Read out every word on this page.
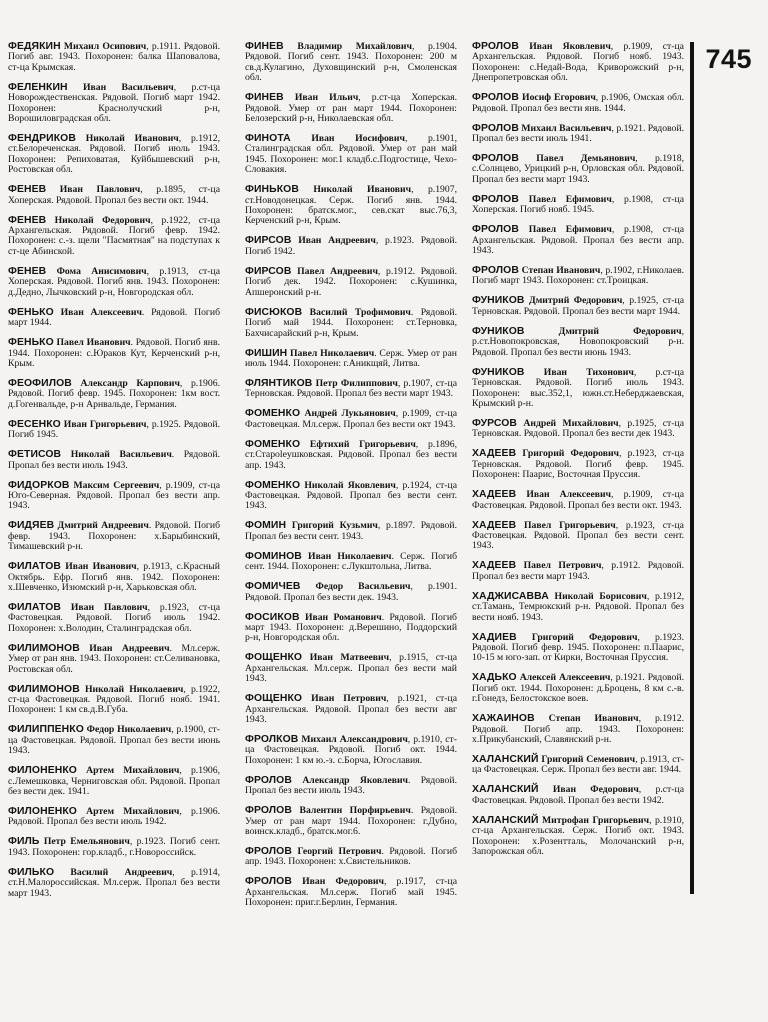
745

ФЕДЯКИН Михаил Осипович, р.1911. Рядовой. Погиб авг. 1943. Похоронен: балка Шаповалова, ст-ца Крымская.

ФЕЛЕНКИН Иван Васильевич, р.ст-ца Новорождественская. Рядовой. Погиб март 1942. Похоронен: Краснолучский р-н, Ворошиловградская обл.

ФЕНДРИКОВ Николай Иванович, р.1912, ст.Белореченская. Рядовой. Погиб июль 1943. Похоронен: Репиховатая, Куйбышевский р-н, Ростовская обл.

ФЕНЕВ Иван Павлович, р.1895, ст-ца Хоперская. Рядовой. Пропал без вести окт. 1944.

ФЕНЕВ Николай Федорович, р.1922, ст-ца Архангельская. Рядовой. Погиб февр. 1942. Похоронен: с.-з. щели "Пасмятная" на подступах к ст-це Абинской.

ФЕНЕВ Фома Анисимович, р.1913, ст-ца Хоперская. Рядовой. Погиб янв. 1943. Похоронен: д.Дедно, Лычковский р-н, Новгородская обл.

ФЕНЬКО Иван Алексеевич. Рядовой. Погиб март 1944.

ФЕНЬКО Павел Иванович. Рядовой. Погиб янв. 1944. Похоронен: с.Юраков Кут, Керченский р-н, Крым.

ФЕОФИЛОВ Александр Карпович, р.1906. Рядовой. Погиб февр. 1945. Похоронен: 1км вост. д.Гогенвальде, р-н Арнвальде, Германия.

ФЕСЕНКО Иван Григорьевич, р.1925. Рядовой. Погиб 1945.

ФЕТИСОВ Николай Васильевич. Рядовой. Пропал без вести июль 1943.

ФИДОРКОВ Максим Сергеевич, р.1909, ст-ца Юго-Северная. Рядовой. Пропал без вести апр. 1943.

ФИДЯЕВ Дмитрий Андреевич. Рядовой. Погиб февр. 1943. Похоронен: х.Барыбинский, Тимашевский р-н.

ФИЛАТОВ Иван Иванович, р.1913, с.Красный Октябрь. Ефр. Погиб янв. 1942. Похоронен: х.Шевченко, Изюмский р-н, Харьковская обл.

ФИЛАТОВ Иван Павлович, р.1923, ст-ца Фастовецкая. Рядовой. Погиб июль 1942. Похоронен: х.Володин, Сталинградская обл.

ФИЛИМОНОВ Иван Андреевич. Мл.серж. Умер от ран янв. 1943. Похоронен: ст.Селивановка, Ростовская обл.

ФИЛИМОНОВ Николай Николаевич, р.1922, ст-ца Фастовецкая. Рядовой. Погиб нояб. 1941. Похоронен: 1 км св.д.В.Губа.

ФИЛИППЕНКО Федор Николаевич, р.1900, ст-ца Фастовецкая. Рядовой. Пропал без вести июнь 1943.

ФИЛОНЕНКО Артем Михайлович, р.1906, с.Лемешковка, Черниговская обл. Рядовой. Пропал без вести дек. 1941.

ФИЛОНЕНКО Артем Михайлович, р.1906. Рядовой. Пропал без вести июль 1942.

ФИЛЬ Петр Емельянович, р.1923. Погиб сент. 1943. Похоронен: гор.кладб., г.Новороссийск.

ФИЛЬКО Василий Андреевич, р.1914, ст.Н.Малороссийская. Мл.серж. Пропал без вести март 1943.

ФИНЕВ Владимир Михайлович, р.1904. Рядовой. Погиб сент. 1943. Похоронен: 200 м св.д.Кулагино, Духовщинский р-н, Смоленская обл.

ФИНЕВ Иван Ильич, р.ст-ца Хоперская. Рядовой. Умер от ран март 1944. Похоронен: Белозерский р-н, Николаевская обл.

ФИНОТА Иван Иосифович, р.1901, Сталинградская обл. Рядовой. Умер от ран май 1945. Похоронен: мог.1 кладб.с.Подгостице, Чехо-Словакия.

ФИНЬКОВ Николай Иванович, р.1907, ст.Новодонецкая. Серж. Погиб янв. 1944. Похоронен: братск.мог., сев.скат выс.76,3, Керченский р-н, Крым.

ФИРСОВ Иван Андреевич, р.1923. Рядовой. Погиб 1942.

ФИРСОВ Павел Андреевич, р.1912. Рядовой. Погиб дек. 1942. Похоронен: с.Кушинка, Апшеронский р-н.

ФИСЮКОВ Василий Трофимович. Рядовой. Погиб май 1944. Похоронен: ст.Терновка, Бахчисарайский р-н, Крым.

ФИШИН Павел Николаевич. Серж. Умер от ран июль 1944. Похоронен: г.Аникщяй, Литва.

ФЛЯНТИКОВ Петр Филиппович, р.1907, ст-ца Терновская. Рядовой. Пропал без вести март 1943.

ФОМЕНКО Андрей Лукьянович, р.1909, ст-ца Фастовецкая. Мл.серж. Пропал без вести окт 1943.

ФОМЕНКО Ефтихий Григорьевич, р.1896, ст.Староleушковская. Рядовой. Пропал без вести апр. 1943.

ФОМЕНКО Николай Яковлевич, р.1924, ст-ца Фастовецкая. Рядовой. Пропал без вести сент. 1943.

ФОМИН Григорий Кузьмич, р.1897. Рядовой. Пропал без вести сент. 1943.

ФОМИНОВ Иван Николаевич. Серж. Погиб сент. 1944. Похоронен: с.Лукштольна, Литва.

ФОМИЧЕВ Федор Васильевич, р.1901. Рядовой. Пропал без вести дек. 1943.

ФОСИКОВ Иван Романович. Рядовой. Погиб март 1943. Похоронен: д.Верешино, Поддорский р-н, Новгородская обл.

ФОЩЕНКО Иван Матвеевич, р.1915, ст-ца Архангельская. Мл.серж. Пропал без вести май 1943.

ФОЩЕНКО Иван Петрович, р.1921, ст-ца Архангельская. Рядовой. Пропал без вести авг 1943.

ФРОЛКОВ Михаил Александрович, р.1910, ст-ца Фастовецкая. Рядовой. Погиб окт. 1944. Похоронен: 1 км ю.-з. с.Борча, Югославия.

ФРОЛОВ Александр Яковлевич. Рядовой. Пропал без вести июль 1943.

ФРОЛОВ Валентин Порфирьевич. Рядовой. Умер от ран март 1944. Похоронен: г.Дубно, воинск.кладб., братск.мог.6.

ФРОЛОВ Георгий Петрович. Рядовой. Погиб апр. 1943. Похоронен: х.Свистельников.

ФРОЛОВ Иван Федорович, р.1917, ст-ца Архангельская. Мл.серж. Погиб май 1945. Похоронен: приг.г.Берлин, Германия.

ФРОЛОВ Иван Яковлевич, р.1909, ст-ца Архангельская. Рядовой. Погиб нояб. 1943. Похоронен: с.Недай-Вода, Криворожский р-н, Днепропетровская обл.

ФРОЛОВ Иосиф Егорович, р.1906, Омская обл. Рядовой. Пропал без вести янв. 1944.

ФРОЛОВ Михаил Васильевич, р.1921. Рядовой. Пропал без вести июль 1941.

ФРОЛОВ Павел Демьянович, р.1918, с.Солнцево, Урицкий р-н, Орловская обл. Рядовой. Пропал без вести март 1943.

ФРОЛОВ Павел Ефимович, р.1908, ст-ца Хоперская. Погиб нояб. 1945.

ФРОЛОВ Павел Ефимович, р.1908, ст-ца Архангельская. Рядовой. Пропал без вести апр. 1943.

ФРОЛОВ Степан Иванович, р.1902, г.Николаев. Погиб март 1943. Похоронен: ст.Троицкая.

ФУНИКОВ Дмитрий Федорович, р.1925, ст-ца Терновская. Рядовой. Пропал без вести март 1944.

ФУНИКОВ	Дмитрий Федорович, р.ст.Новопокровская, Новопокровский р-н. Рядовой. Пропал без вести июнь 1943.

ФУНИКОВ Иван Тихонович, р.ст-ца Терновская. Рядовой. Погиб июль 1943. Похоронен: выс.352,1, южн.ст.Неберджаевская, Крымский р-н.

ФУРСОВ Андрей Михайлович, р.1925, ст-ца Терновская. Рядовой. Пропал без вести дек 1943.

ХАДЕЕВ Григорий Федорович, р.1923, ст-ца Терновская. Рядовой. Погиб февр. 1945. Похоронен: Паарис, Восточная Пруссия.

ХАДЕЕВ Иван Алексеевич, р.1909, ст-ца Фастовецкая. Рядовой. Пропал без вести окт. 1943.

ХАДЕЕВ Павел Григорьевич, р.1923, ст-ца Фастовецкая. Рядовой. Пропал без вести сент. 1943.

ХАДЕЕВ Павел Петрович, р.1912. Рядовой. Пропал без вести март 1943.

ХАДЖИСАВВА Николай Борисович, р.1912, ст.Тамань, Темрюкский р-н. Рядовой. Пропал без вести нояб. 1943.

ХАДИЕВ Григорий Федорович, р.1923. Рядовой. Погиб февр. 1945. Похоронен: п.Паарис, 10-15 м юго-зап. от Кирки, Восточная Пруссия.

ХАДЬКО Алексей Алексеевич, р.1921. Рядовой. Погиб окт. 1944. Похоронен: д.Броцень, 8 км с.-в. г.Гонедз, Белостокское воев.

ХАЖАИНОВ Степан Иванович, р.1912. Рядовой. Погиб апр. 1943. Похоронен: х.Прикубанский, Славянский р-н.

ХАЛАНСКИЙ Григорий Семенович, р.1913, ст-ца Фастовецкая. Серж. Пропал без вести авг. 1944.

ХАЛАНСКИЙ Иван Федорович, р.ст-ца Фастовецкая. Рядовой. Пропал без вести 1942.

ХАЛАНСКИЙ Митрофан Григорьевич, р.1910, ст-ца Архангельская. Серж. Погиб окт. 1943. Похоронен: х.Розентталь, Молочанский р-н, Запорожская обл.
